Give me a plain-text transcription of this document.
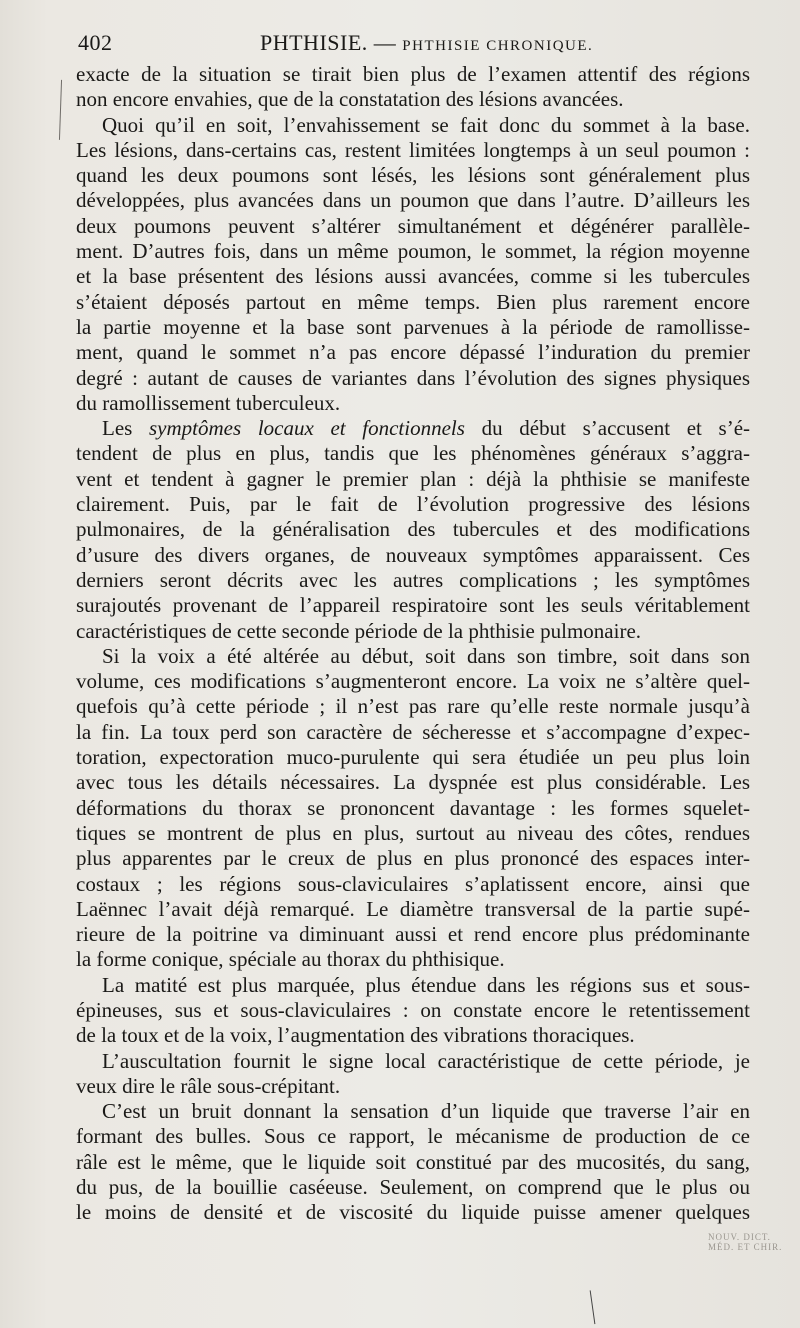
402	PHTHISIE. — PHTHISIE CHRONIQUE.

exacte de la situation se tirait bien plus de l’examen attentif des régions

non encore envahies, que de la constatation des lésions avancées.

Quoi qu’il en soit, l’envahissement se fait donc du sommet à la base.

Les lésions, dans-certains cas, restent limitées longtemps à un seul poumon :

quand les deux poumons sont lésés, les lésions sont généralement plus

développées, plus avancées dans un poumon que dans l’autre. D’ailleurs les

deux poumons peuvent s’altérer simultanément et dégénérer parallèle-

ment. D’autres fois, dans un même poumon, le sommet, la région moyenne

et la base présentent des lésions aussi avancées, comme si les tubercules

s’étaient déposés partout en même temps. Bien plus rarement encore

la partie moyenne et la base sont parvenues à la période de ramollisse-

ment, quand le sommet n’a pas encore dépassé l’induration du premier

degré : autant de causes de variantes dans l’évolution des signes physiques

du ramollissement tuberculeux.

Les symptômes locaux et fonctionnels du début s’accusent et s’é-

tendent de plus en plus, tandis que les phénomènes généraux s’aggra-

vent et tendent à gagner le premier plan : déjà la phthisie se manifeste

clairement. Puis, par le fait de l’évolution progressive des lésions

pulmonaires, de la généralisation des tubercules et des modifications

d’usure des divers organes, de nouveaux symptômes apparaissent. Ces

derniers seront décrits avec les autres complications ; les symptômes

surajoutés provenant de l’appareil respiratoire sont les seuls véritablement

caractéristiques de cette seconde période de la phthisie pulmonaire.

Si la voix a été altérée au début, soit dans son timbre, soit dans son

volume, ces modifications s’augmenteront encore. La voix ne s’altère quel-

quefois qu’à cette période ; il n’est pas rare qu’elle reste normale jusqu’à

la fin. La toux perd son caractère de sécheresse et s’accompagne d’expec-

toration, expectoration muco-purulente qui sera étudiée un peu plus loin

avec tous les détails nécessaires. La dyspnée est plus considérable. Les

déformations du thorax se prononcent davantage : les formes squelet-

tiques se montrent de plus en plus, surtout au niveau des côtes, rendues

plus apparentes par le creux de plus en plus prononcé des espaces inter-

costaux ; les régions sous-claviculaires s’aplatissent encore, ainsi que

Laënnec l’avait déjà remarqué. Le diamètre transversal de la partie supé-

rieure de la poitrine va diminuant aussi et rend encore plus prédominante

la forme conique, spéciale au thorax du phthisique.

La matité est plus marquée, plus étendue dans les régions sus et sous-

épineuses, sus et sous-claviculaires : on constate encore le retentissement

de la toux et de la voix, l’augmentation des vibrations thoraciques.

L’auscultation fournit le signe local caractéristique de cette période, je

veux dire le râle sous-crépitant.

C’est un bruit donnant la sensation d’un liquide que traverse l’air en

formant des bulles. Sous ce rapport, le mécanisme de production de ce

râle est le même, que le liquide soit constitué par des mucosités, du sang,

du pus, de la bouillie caséeuse. Seulement, on comprend que le plus ou

le moins de densité et de viscosité du liquide puisse amener quelques

NOUV. DICT. MÉD. ET CHIR.
